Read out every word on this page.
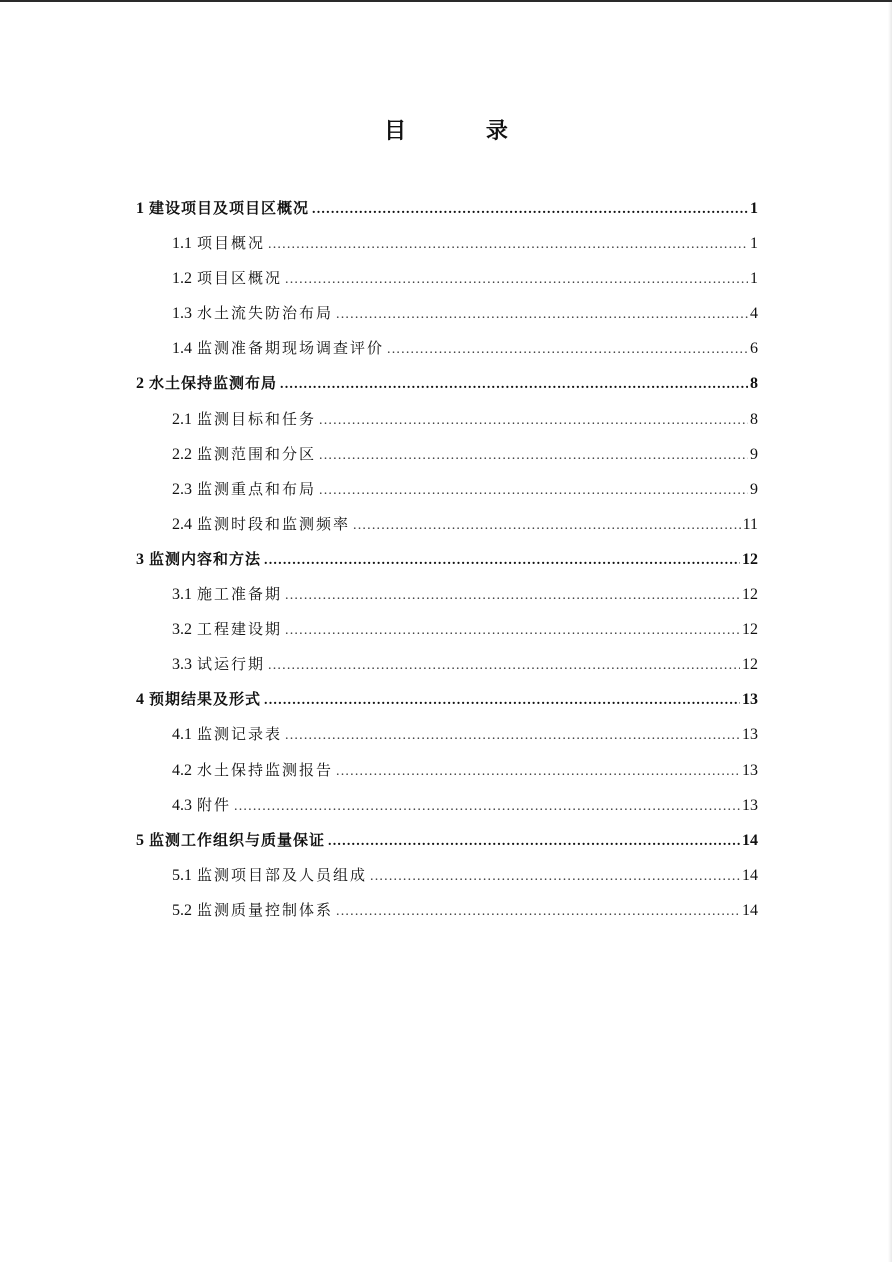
目 录
1 建设项目及项目区概况 .....	1
1.1 项目概况 .....	1
1.2 项目区概况 .....	1
1.3 水土流失防治布局 .....	4
1.4 监测准备期现场调查评价 .....	6
2 水土保持监测布局 .....	8
2.1 监测目标和任务 .....	8
2.2 监测范围和分区 .....	9
2.3 监测重点和布局 .....	9
2.4 监测时段和监测频率 .....	11
3 监测内容和方法 .....	12
3.1 施工准备期 .....	12
3.2 工程建设期 .....	12
3.3 试运行期 .....	12
4 预期结果及形式 .....	13
4.1 监测记录表 .....	13
4.2 水土保持监测报告 .....	13
4.3 附件 .....	13
5 监测工作组织与质量保证 .....	14
5.1 监测项目部及人员组成 .....	14
5.2 监测质量控制体系 .....	14
